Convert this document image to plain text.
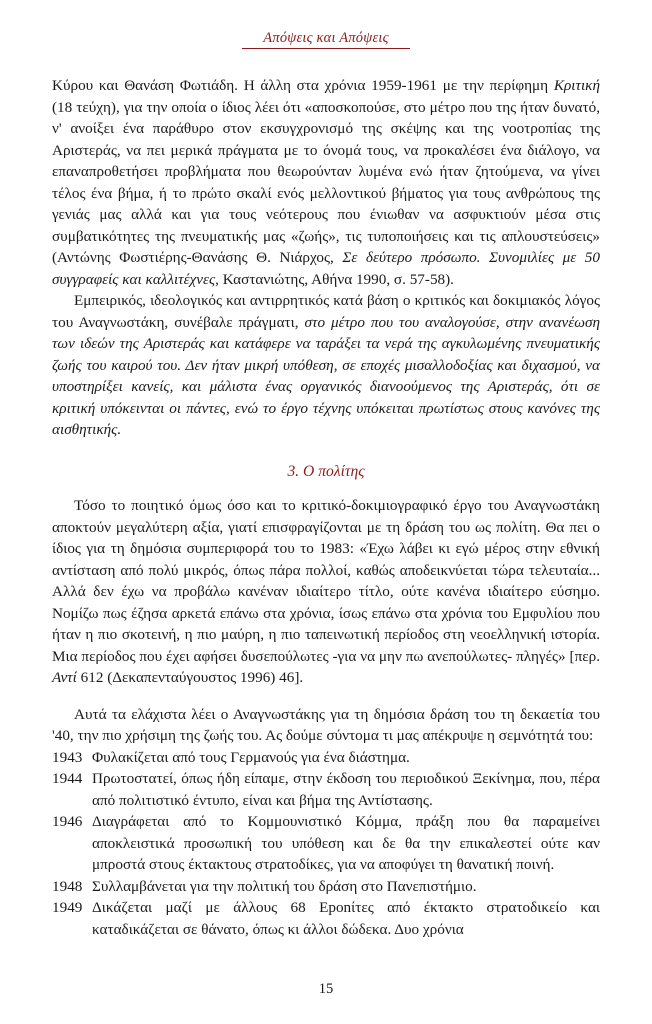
Απόψεις και Απόψεις

Κύρου και Θανάση Φωτιάδη. Η άλλη στα χρόνια 1959-1961 με την περίφημη Κριτική (18 τεύχη), για την οποία ο ίδιος λέει ότι «αποσκοπούσε, στο μέτρο που της ήταν δυνατό, ν' ανοίξει ένα παράθυρο στον εκσυγχρονισμό της σκέψης και της νοοτροπίας της Αριστεράς, να πει μερικά πράγματα με το όνομά τους, να προκαλέσει ένα διάλογο, να επαναπροθετήσει προβλήματα που θεωρούνταν λυμένα ενώ ήταν ζητούμενα, να γίνει τέλος ένα βήμα, ή το πρώτο σκαλί ενός μελλοντικού βήματος για τους ανθρώπους της γενιάς μας αλλά και για τους νεότερους που ένιωθαν να ασφυκτιούν μέσα στις συμβατικότητες της πνευματικής μας «ζωής», τις τυποποιήσεις και τις απλουστεύσεις» (Αντώνης Φωστιέρης-Θανάσης Θ. Νιάρχος, Σε δεύτερο πρόσωπο. Συνομιλίες με 50 συγγραφείς και καλλιτέχνες, Καστανιώτης, Αθήνα 1990, σ. 57-58).

Εμπειρικός, ιδεολογικός και αντιρρητικός κατά βάση ο κριτικός και δοκιμιακός λόγος του Αναγνωστάκη, συνέβαλε πράγματι, στο μέτρο που του αναλογούσε, στην ανανέωση των ιδεών της Αριστεράς και κατάφερε να ταράξει τα νερά της αγκυλωμένης πνευματικής ζωής του καιρού του. Δεν ήταν μικρή υπόθεση, σε εποχές μισαλλοδοξίας και διχασμού, να υποστηρίξει κανείς, και μάλιστα ένας οργανικός διανοούμενος της Αριστεράς, ότι σε κριτική υπόκεινται οι πάντες, ενώ το έργο τέχνης υπόκειται πρωτίστως στους κανόνες της αισθητικής.

3. Ο πολίτης

Τόσο το ποιητικό όμως όσο και το κριτικό-δοκιμιογραφικό έργο του Αναγνωστάκη αποκτούν μεγαλύτερη αξία, γιατί επισφραγίζονται με τη δράση του ως πολίτη. Θα πει ο ίδιος για τη δημόσια συμπεριφορά του το 1983: «Έχω λάβει κι εγώ μέρος στην εθνική αντίσταση από πολύ μικρός, όπως πάρα πολλοί, καθώς αποδεικνύεται τώρα τελευταία... Αλλά δεν έχω να προβάλω κανέναν ιδιαίτερο τίτλο, ούτε κανένα ιδιαίτερο εύσημο. Νομίζω πως έζησα αρκετά επάνω στα χρόνια, ίσως επάνω στα χρόνια του Εμφυλίου που ήταν η πιο σκοτεινή, η πιο μαύρη, η πιο ταπεινωτική περίοδος στη νεοελληνική ιστορία. Μια περίοδος που έχει αφήσει δυσεπούλωτες -για να μην πω ανεπούλωτες- πληγές» [περ. Αντί 612 (Δεκαπενταύγουστος 1996) 46].

Αυτά τα ελάχιστα λέει ο Αναγνωστάκης για τη δημόσια δράση του τη δεκαετία του '40, την πιο χρήσιμη της ζωής του. Ας δούμε σύντομα τι μας απέκρυψε η σεμνότητά του:

1943 Φυλακίζεται από τους Γερμανούς για ένα διάστημα.
1944 Πρωτοστατεί, όπως ήδη είπαμε, στην έκδοση του περιοδικού Ξεκίνημα, που, πέρα από πολιτιστικό έντυπο, είναι και βήμα της Αντίστασης.
1946 Διαγράφεται από το Κομμουνιστικό Κόμμα, πράξη που θα παραμείνει αποκλειστικά προσωπική του υπόθεση και δε θα την επικαλεστεί ούτε καν μπροστά στους έκτακτους στρατοδίκες, για να αποφύγει τη θανατική ποινή.
1948 Συλλαμβάνεται για την πολιτική του δράση στο Πανεπιστήμιο.
1949 Δικάζεται μαζί με άλλους 68 Εponίτες από έκτακτο στρατοδικείο και καταδικάζεται σε θάνατο, όπως κι άλλοι δώδεκα. Δυο χρόνια
15
